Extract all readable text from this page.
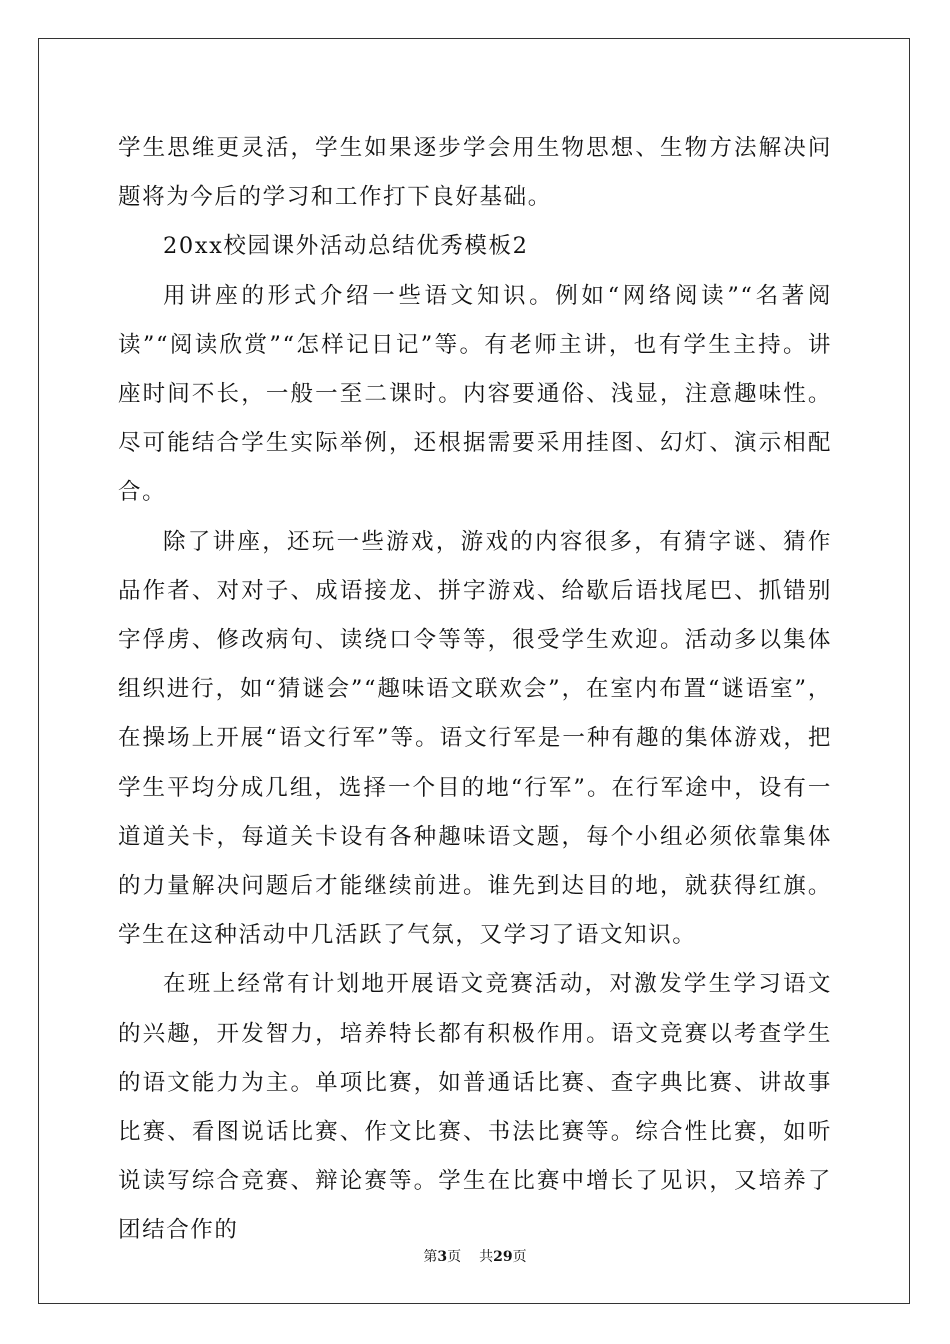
学生思维更灵活，学生如果逐步学会用生物思想、生物方法解决问题将为今后的学习和工作打下良好基础。

20xx校园课外活动总结优秀模板2

用讲座的形式介绍一些语文知识。例如“网络阅读”“名著阅读”“阅读欣赏”“怎样记日记”等。有老师主讲，也有学生主持。讲座时间不长，一般一至二课时。内容要通俗、浅显，注意趣味性。尽可能结合学生实际举例，还根据需要采用挂图、幻灯、演示相配合。

除了讲座，还玩一些游戏，游戏的内容很多，有猜字谜、猜作品作者、对对子、成语接龙、拼字游戏、给歇后语找尾巴、抓错别字俘虏、修改病句、读绕口令等等，很受学生欢迎。活动多以集体组织进行，如“猜谜会”“趣味语文联欢会”，在室内布置“谜语室”，在操场上开展“语文行军”等。语文行军是一种有趣的集体游戏，把学生平均分成几组，选择一个目的地“行军”。在行军途中，设有一道道关卡，每道关卡设有各种趣味语文题，每个小组必须依靠集体的力量解决问题后才能继续前进。谁先到达目的地，就获得红旗。学生在这种活动中几活跃了气氛，又学习了语文知识。

在班上经常有计划地开展语文竞赛活动，对激发学生学习语文的兴趣，开发智力，培养特长都有积极作用。语文竞赛以考查学生的语文能力为主。单项比赛，如普通话比赛、查字典比赛、讲故事比赛、看图说话比赛、作文比赛、书法比赛等。综合性比赛，如听说读写综合竞赛、辩论赛等。学生在比赛中增长了见识，又培养了团结合作的

第3页 共29页
